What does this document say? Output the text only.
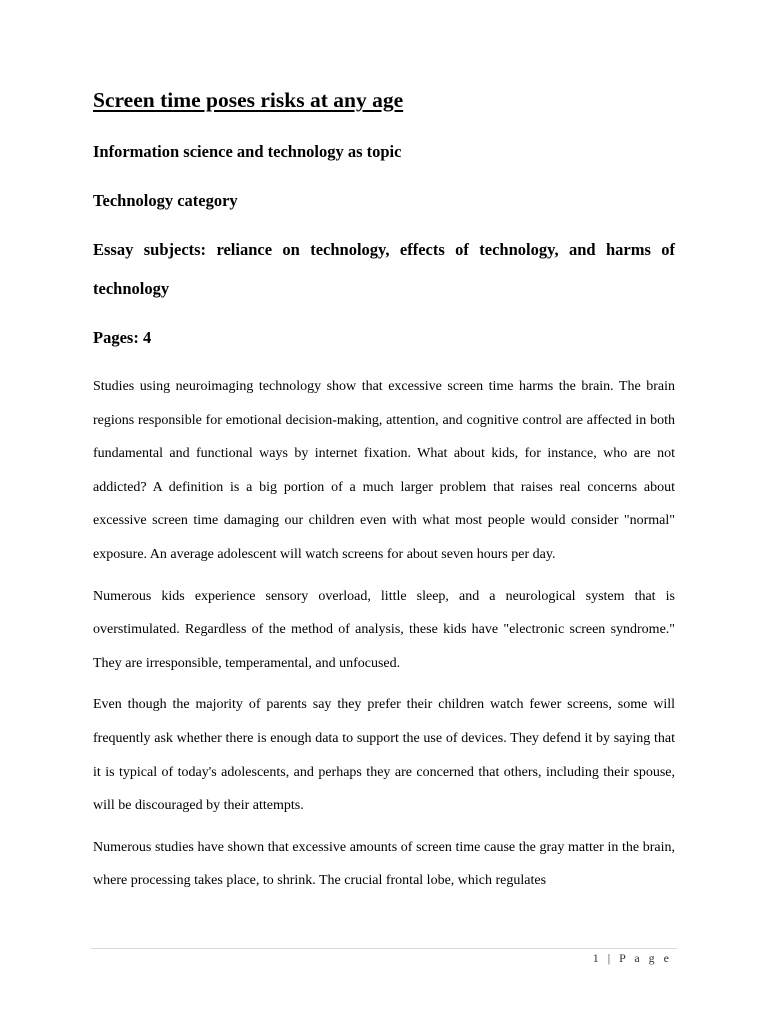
Screen time poses risks at any age
Information science and technology as topic
Technology category
Essay subjects: reliance on technology, effects of technology, and harms of technology
Pages: 4

Studies using neuroimaging technology show that excessive screen time harms the brain. The brain regions responsible for emotional decision-making, attention, and cognitive control are affected in both fundamental and functional ways by internet fixation. What about kids, for instance, who are not addicted? A definition is a big portion of a much larger problem that raises real concerns about excessive screen time damaging our children even with what most people would consider "normal" exposure. An average adolescent will watch screens for about seven hours per day.

Numerous kids experience sensory overload, little sleep, and a neurological system that is overstimulated. Regardless of the method of analysis, these kids have "electronic screen syndrome." They are irresponsible, temperamental, and unfocused.

Even though the majority of parents say they prefer their children watch fewer screens, some will frequently ask whether there is enough data to support the use of devices. They defend it by saying that it is typical of today's adolescents, and perhaps they are concerned that others, including their spouse, will be discouraged by their attempts.

Numerous studies have shown that excessive amounts of screen time cause the gray matter in the brain, where processing takes place, to shrink. The crucial frontal lobe, which regulates

1 | P a g e
